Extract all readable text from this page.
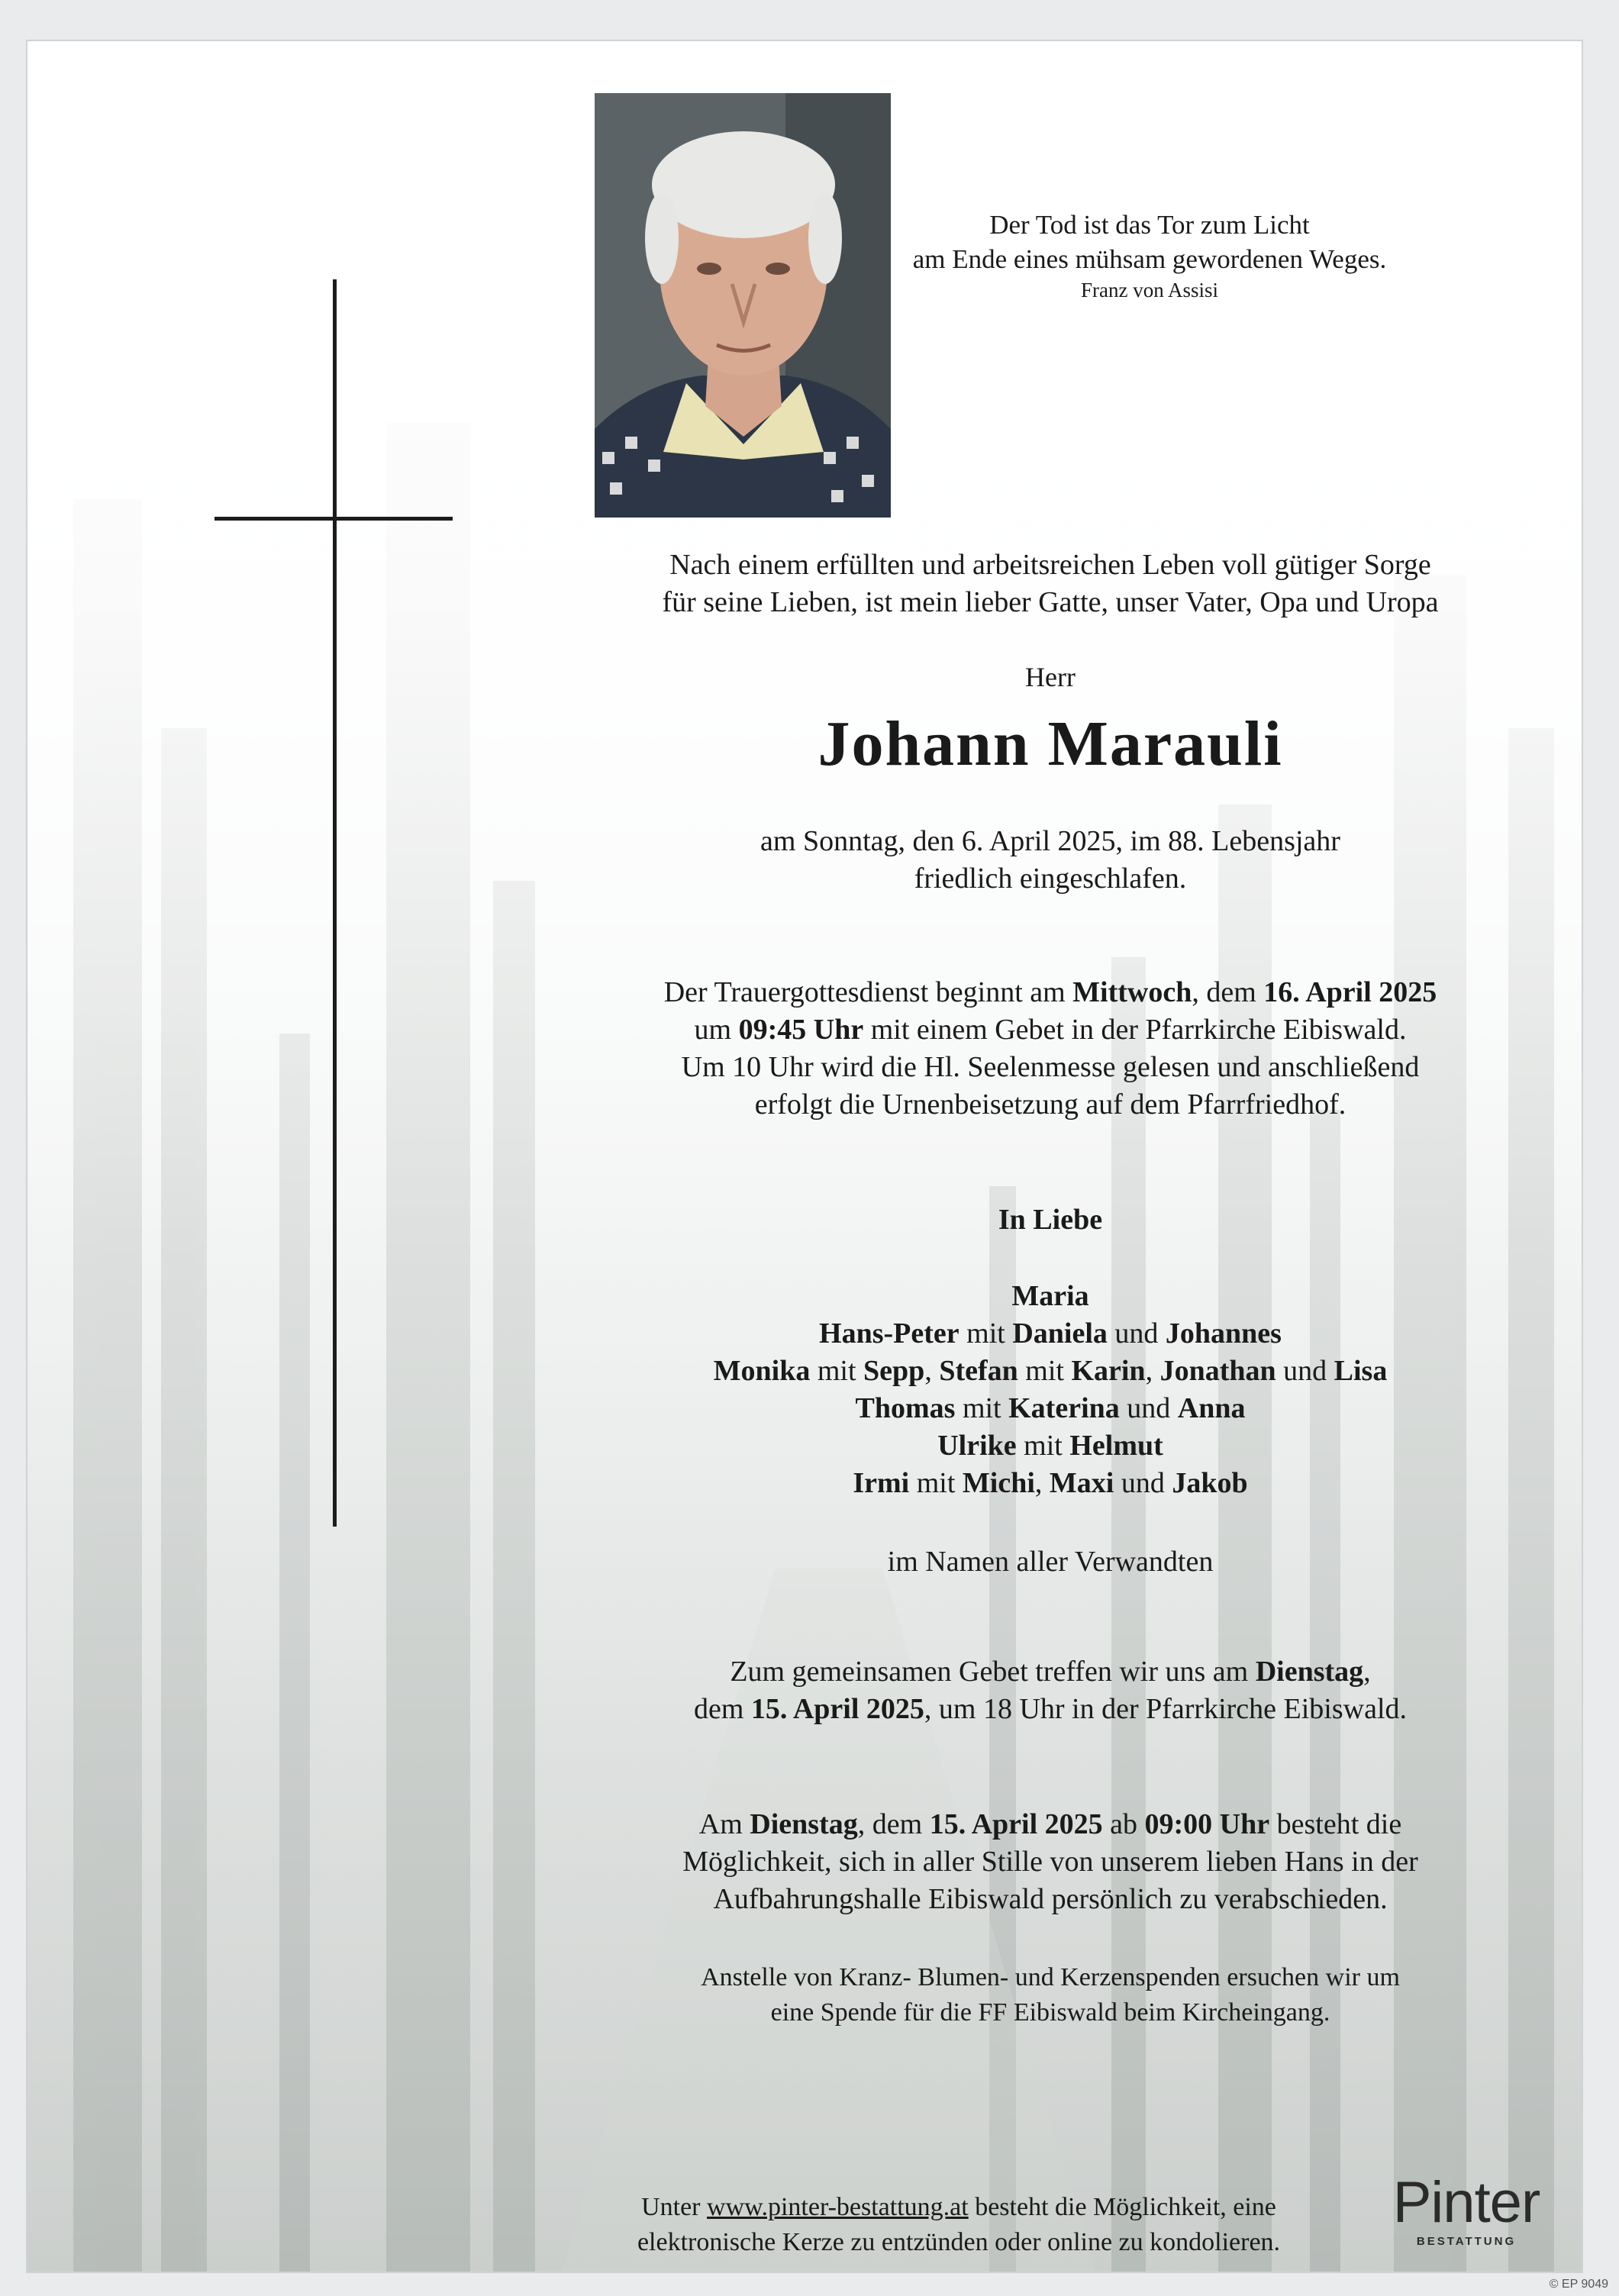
Der Tod ist das Tor zum Licht
am Ende eines mühsam gewordenen Weges.
Franz von Assisi
Nach einem erfüllten und arbeitsreichen Leben voll gütiger Sorge
für seine Lieben, ist mein lieber Gatte, unser Vater, Opa und Uropa
Herr
Johann Marauli
am Sonntag, den 6. April 2025, im 88. Lebensjahr
friedlich eingeschlafen.
Der Trauergottesdienst beginnt am Mittwoch, dem 16. April 2025
um 09:45 Uhr mit einem Gebet in der Pfarrkirche Eibiswald.
Um 10 Uhr wird die Hl. Seelenmesse gelesen und anschließend
erfolgt die Urnenbeisetzung auf dem Pfarrfriedhof.
In Liebe
Maria
Hans-Peter mit Daniela und Johannes
Monika mit Sepp, Stefan mit Karin, Jonathan und Lisa
Thomas mit Katerina und Anna
Ulrike mit Helmut
Irmi mit Michi, Maxi und Jakob
im Namen aller Verwandten
Zum gemeinsamen Gebet treffen wir uns am Dienstag,
dem 15. April 2025, um 18 Uhr in der Pfarrkirche Eibiswald.
Am Dienstag, dem 15. April 2025 ab 09:00 Uhr besteht die
Möglichkeit, sich in aller Stille von unserem lieben Hans in der
Aufbahrungshalle Eibiswald persönlich zu verabschieden.
Anstelle von Kranz- Blumen- und Kerzenspenden ersuchen wir um
eine Spende für die FF Eibiswald beim Kircheingang.
Unter www.pinter-bestattung.at besteht die Möglichkeit, eine
elektronische Kerze zu entzünden oder online zu kondolieren.
Pinter
BESTATTUNG
© EP 9049
